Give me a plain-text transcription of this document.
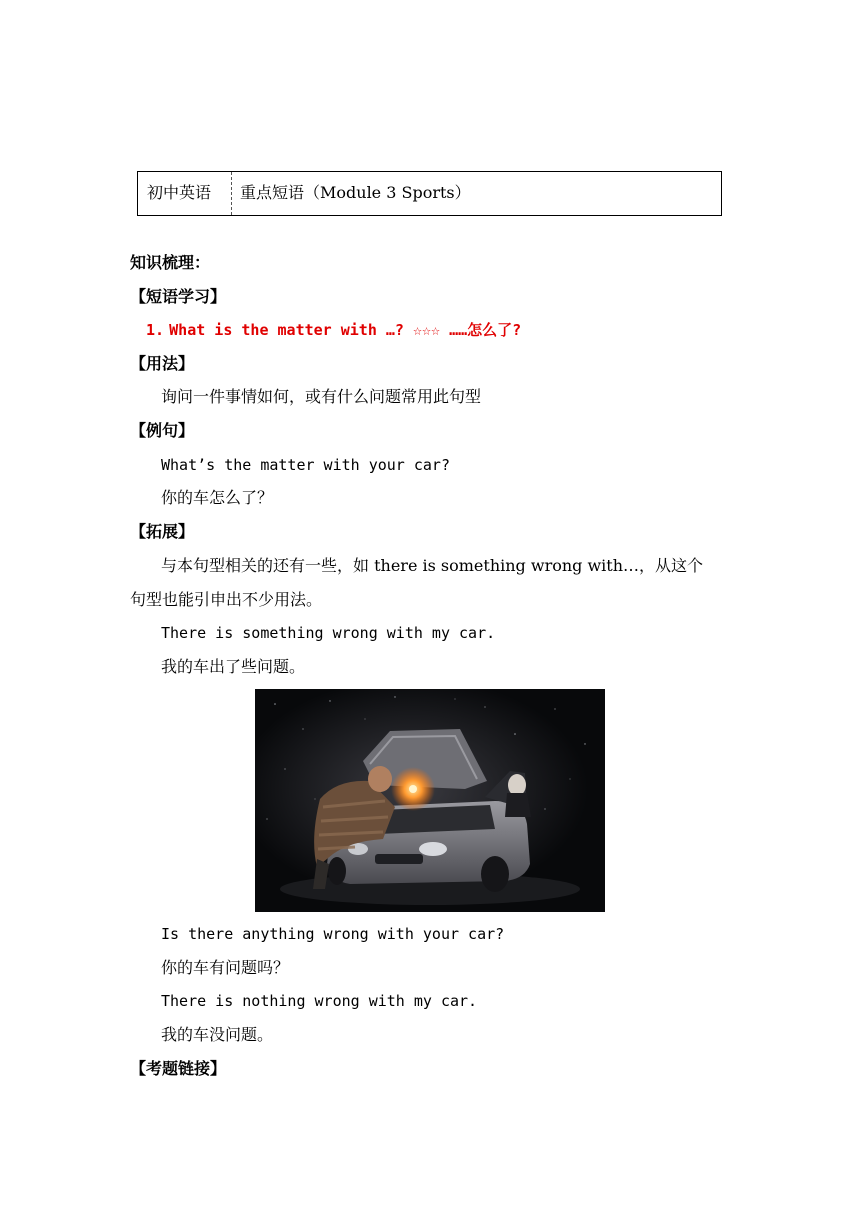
初中英语	重点短语（Module 3 Sports）
知识梳理：
【短语学习】
1. What is the matter with …? ☆☆☆ ……怎么了?
【用法】
询问一件事情如何，或有什么问题常用此句型
【例句】
What’s the matter with your car?
你的车怎么了？
【拓展】
与本句型相关的还有一些，如 there is something wrong with…，从这个
句型也能引申出不少用法。
There is something wrong with my car.
我的车出了些问题。
Is there anything wrong with your car?
你的车有问题吗？
There is nothing wrong with my car.
我的车没问题。
【考题链接】
